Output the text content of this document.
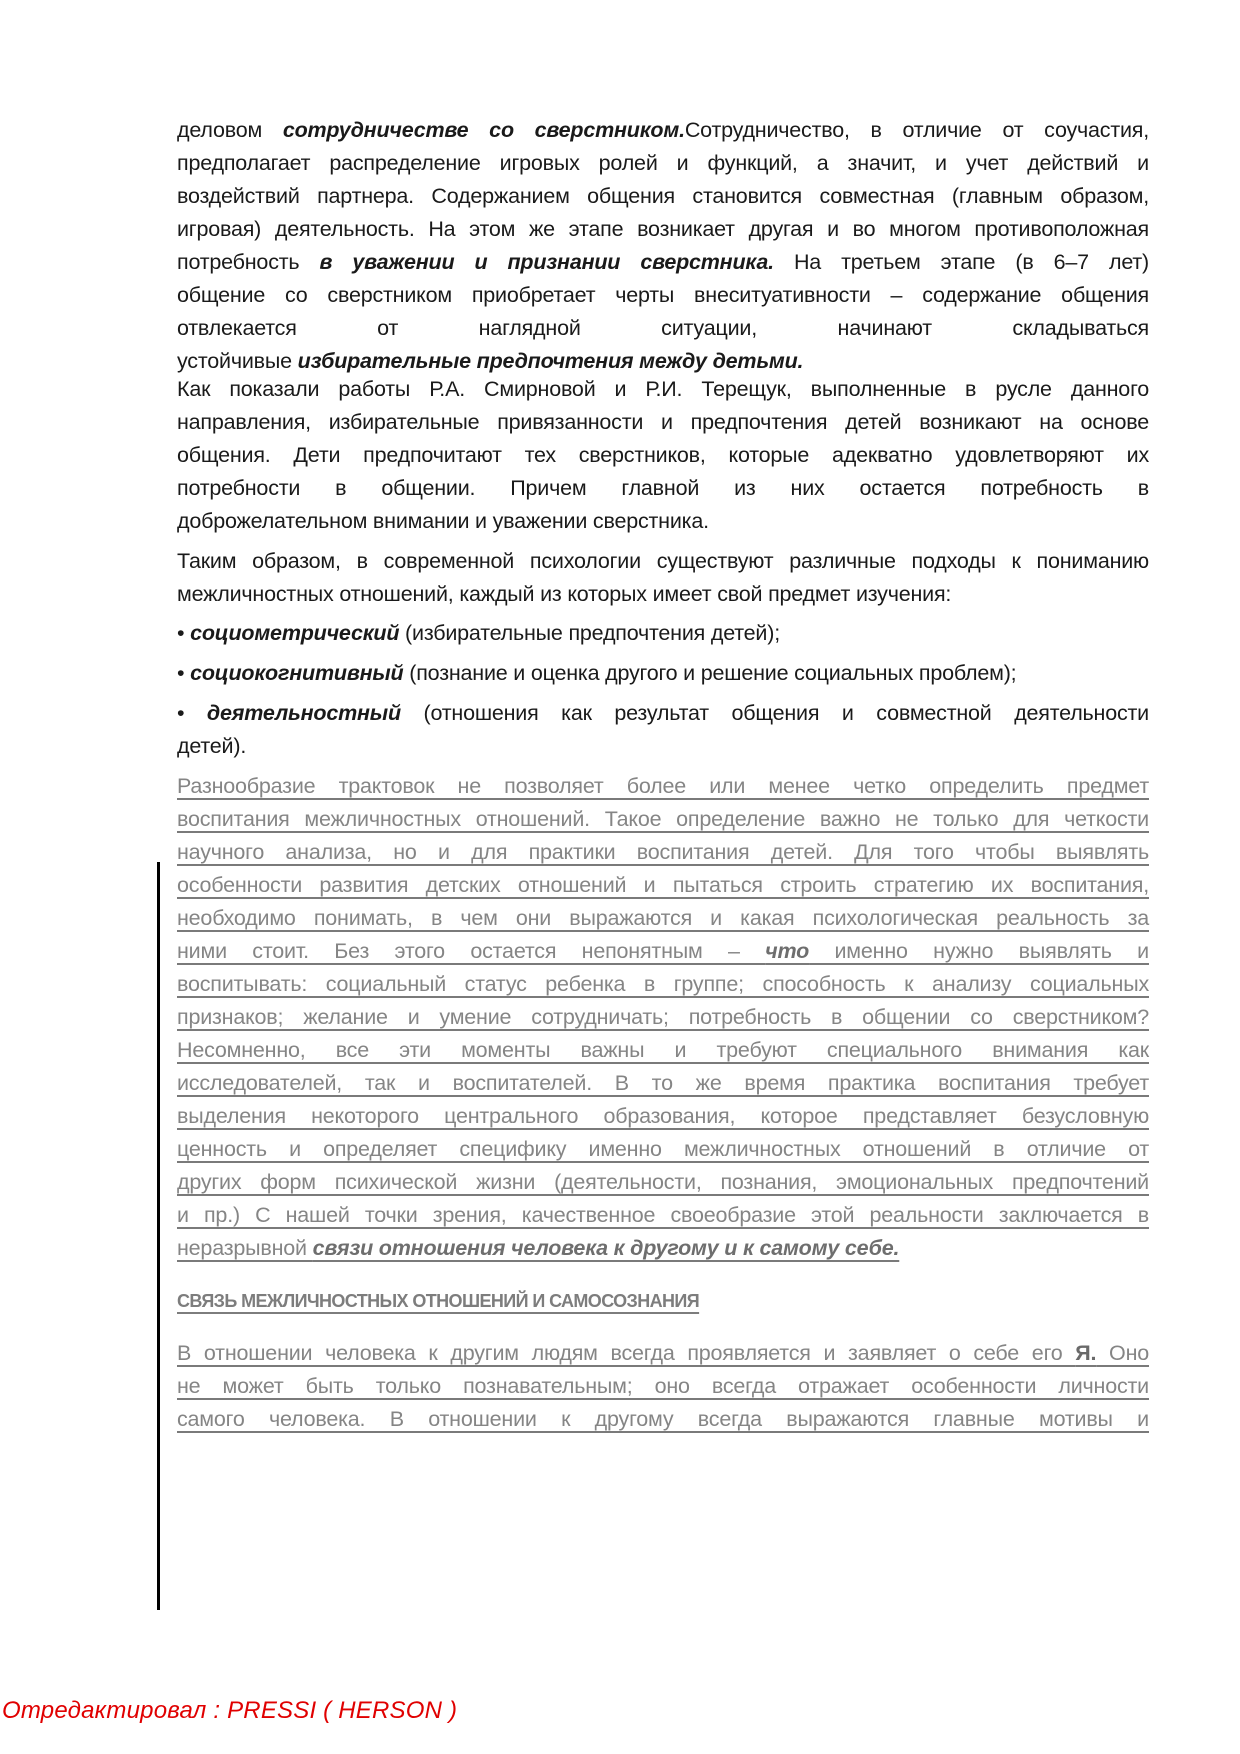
деловом сотрудничестве со сверстником.Сотрудничество, в отличие от соучастия,
предполагает распределение игровых ролей и функций, а значит, и учет действий и
воздействий партнера. Содержанием общения становится совместная (главным образом,
игровая) деятельность. На этом же этапе возникает другая и во многом противоположная
потребность в уважении и признании сверстника. На третьем этапе (в 6–7 лет)
общение со сверстником приобретает черты внеситуативности – содержание общения
отвлекается от наглядной ситуации, начинают складываться
устойчивые избирательные предпочтения между детьми.
Как показали работы Р.А. Смирновой и Р.И. Терещук, выполненные в русле данного
направления, избирательные привязанности и предпочтения детей возникают на основе
общения. Дети предпочитают тех сверстников, которые адекватно удовлетворяют их
потребности в общении. Причем главной из них остается потребность в
доброжелательном внимании и уважении сверстника.
Таким образом, в современной психологии существуют различные подходы к пониманию
межличностных отношений, каждый из которых имеет свой предмет изучения:
• социометрический (избирательные предпочтения детей);
• социокогнитивный (познание и оценка другого и решение социальных проблем);
• деятельностный (отношения как результат общения и совместной деятельности
детей).
Разнообразие трактовок не позволяет более или менее четко определить предмет
воспитания межличностных отношений. Такое определение важно не только для четкости
научного анализа, но и для практики воспитания детей. Для того чтобы выявлять
особенности развития детских отношений и пытаться строить стратегию их воспитания,
необходимо понимать, в чем они выражаются и какая психологическая реальность за
ними стоит. Без этого остается непонятным – что именно нужно выявлять и
воспитывать: социальный статус ребенка в группе; способность к анализу социальных
признаков; желание и умение сотрудничать; потребность в общении со сверстником?
Несомненно, все эти моменты важны и требуют специального внимания как
исследователей, так и воспитателей. В то же время практика воспитания требует
выделения некоторого центрального образования, которое представляет безусловную
ценность и определяет специфику именно межличностных отношений в отличие от
других форм психической жизни (деятельности, познания, эмоциональных предпочтений
и пр.) С нашей точки зрения, качественное своеобразие этой реальности заключается в
неразрывной связи отношения человека к другому и к самому себе.
СВЯЗЬ МЕЖЛИЧНОСТНЫХ ОТНОШЕНИЙ И САМОСОЗНАНИЯ
В отношении человека к другим людям всегда проявляется и заявляет о себе его Я. Оно
не может быть только познавательным; оно всегда отражает особенности личности
самого человека. В отношении к другому всегда выражаются главные мотивы и
Отредактировал : PRESSI ( HERSON )
